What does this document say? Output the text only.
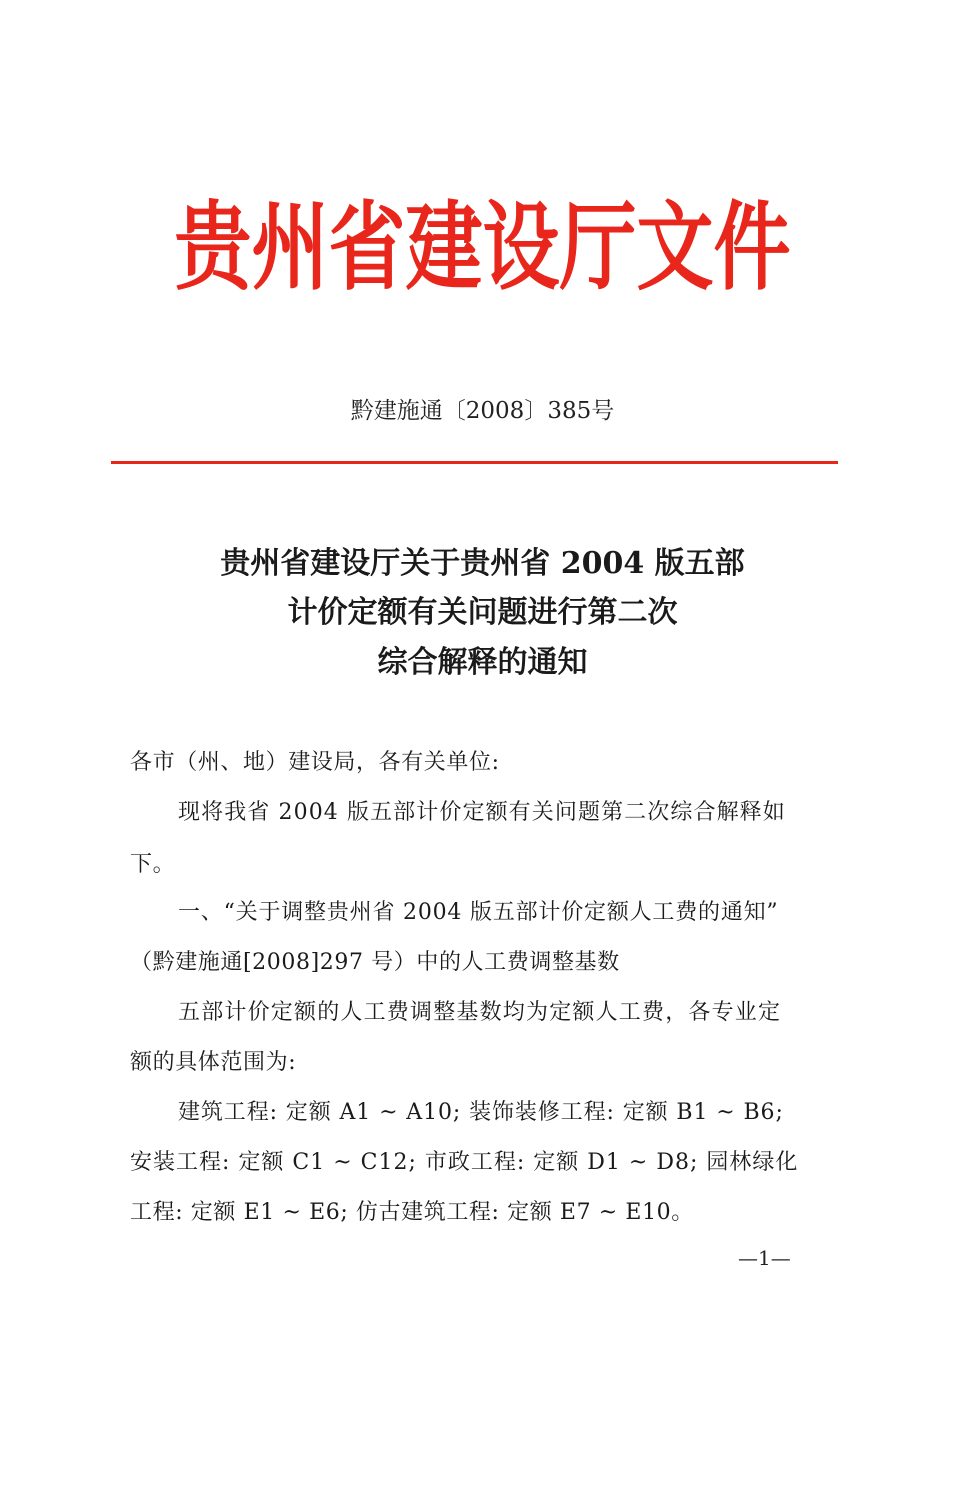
贵州省建设厅文件
黔建施通〔2008〕385号
贵州省建设厅关于贵州省 2004 版五部
计价定额有关问题进行第二次
综合解释的通知
各市（州、地）建设局，各有关单位:
现将我省 2004 版五部计价定额有关问题第二次综合解释如
下。
一、“关于调整贵州省 2004 版五部计价定额人工费的通知”
（黔建施通[2008]297 号）中的人工费调整基数
五部计价定额的人工费调整基数均为定额人工费，各专业定
额的具体范围为:
建筑工程: 定额 A1 ~ A10; 装饰装修工程: 定额 B1 ~ B6;
安装工程: 定额 C1 ~ C12; 市政工程: 定额 D1 ~ D8; 园林绿化
工程: 定额 E1 ~ E6; 仿古建筑工程: 定额 E7 ~ E10。
—1—
